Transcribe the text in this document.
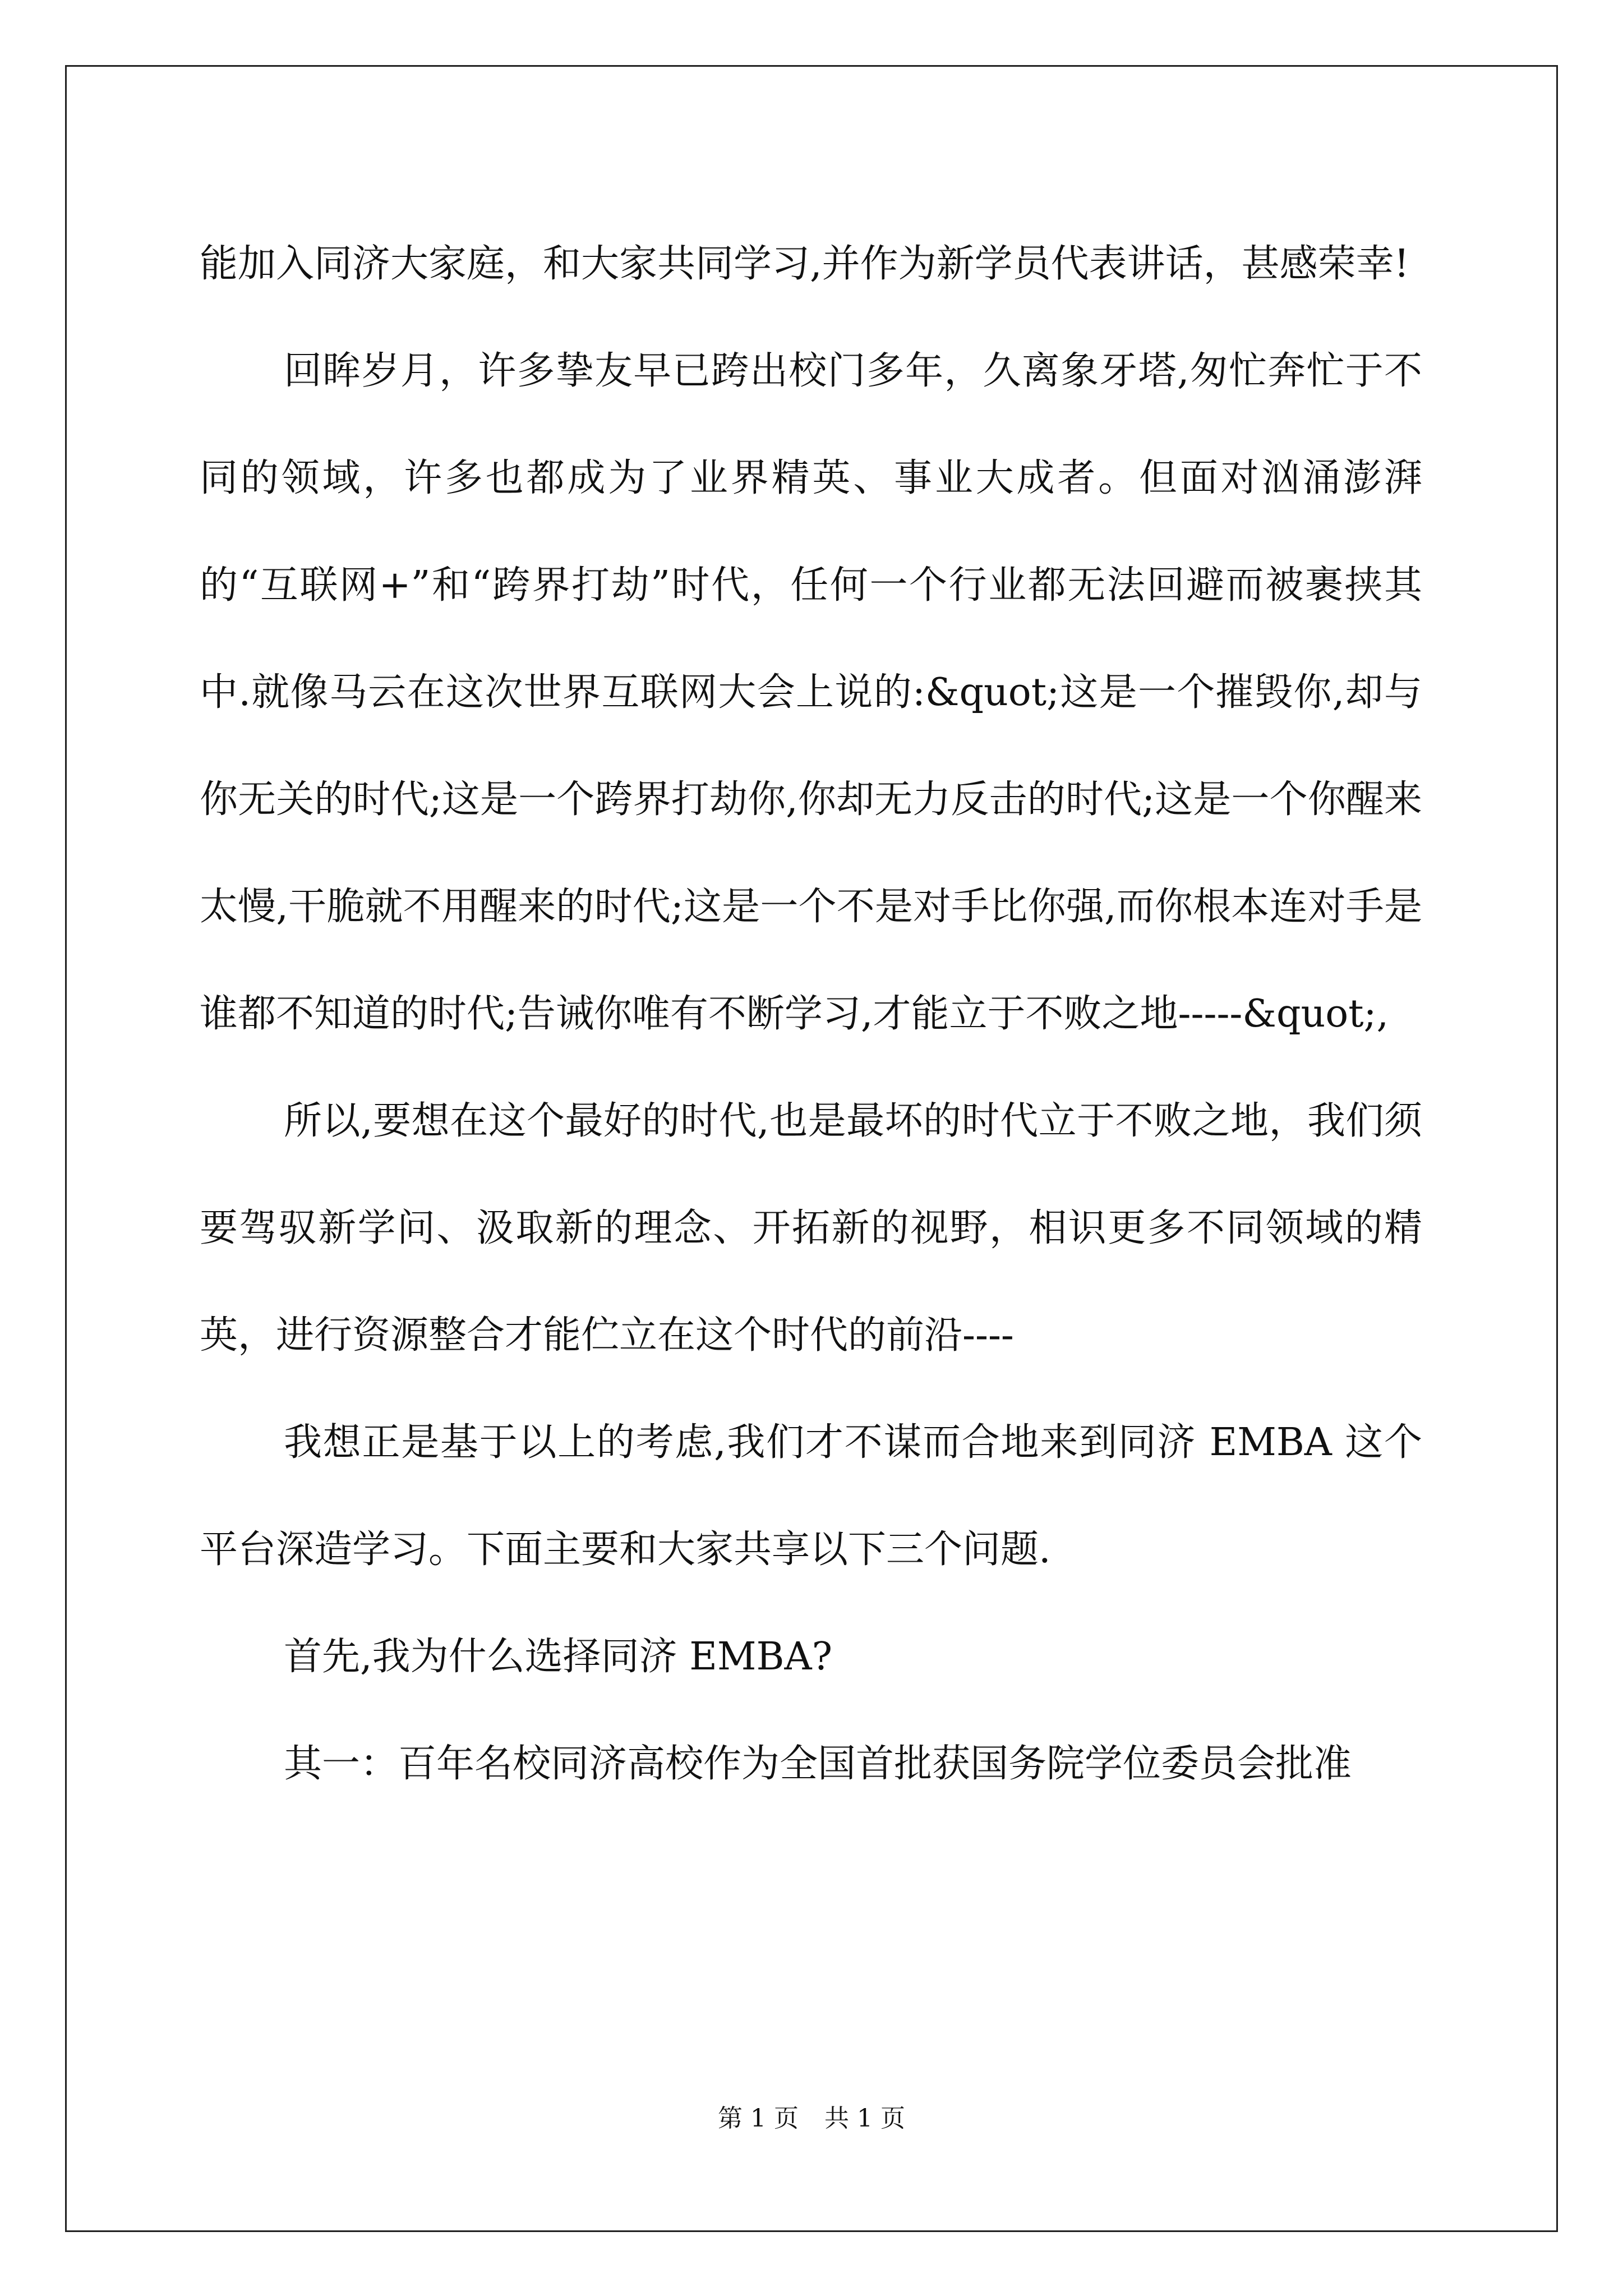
能加入同济大家庭，和大家共同学习,并作为新学员代表讲话，甚感荣幸!

回眸岁月，许多挚友早已跨出校门多年，久离象牙塔,匆忙奔忙于不同的领域，许多也都成为了业界精英、事业大成者。但面对汹涌澎湃的“互联网+”和“跨界打劫”时代，任何一个行业都无法回避而被裹挟其中.就像马云在这次世界互联网大会上说的:&quot;这是一个摧毁你,却与你无关的时代;这是一个跨界打劫你,你却无力反击的时代;这是一个你醒来太慢,干脆就不用醒来的时代;这是一个不是对手比你强,而你根本连对手是谁都不知道的时代;告诫你唯有不断学习,才能立于不败之地-----&quot;,

所以,要想在这个最好的时代,也是最坏的时代立于不败之地，我们须要驾驭新学问、汲取新的理念、开拓新的视野，相识更多不同领域的精英，进行资源整合才能伫立在这个时代的前沿----

我想正是基于以上的考虑,我们才不谋而合地来到同济 EMBA 这个平台深造学习。下面主要和大家共享以下三个问题.

首先,我为什么选择同济 EMBA?

其一：百年名校同济高校作为全国首批获国务院学位委员会批准

第 1 页 共 1 页
